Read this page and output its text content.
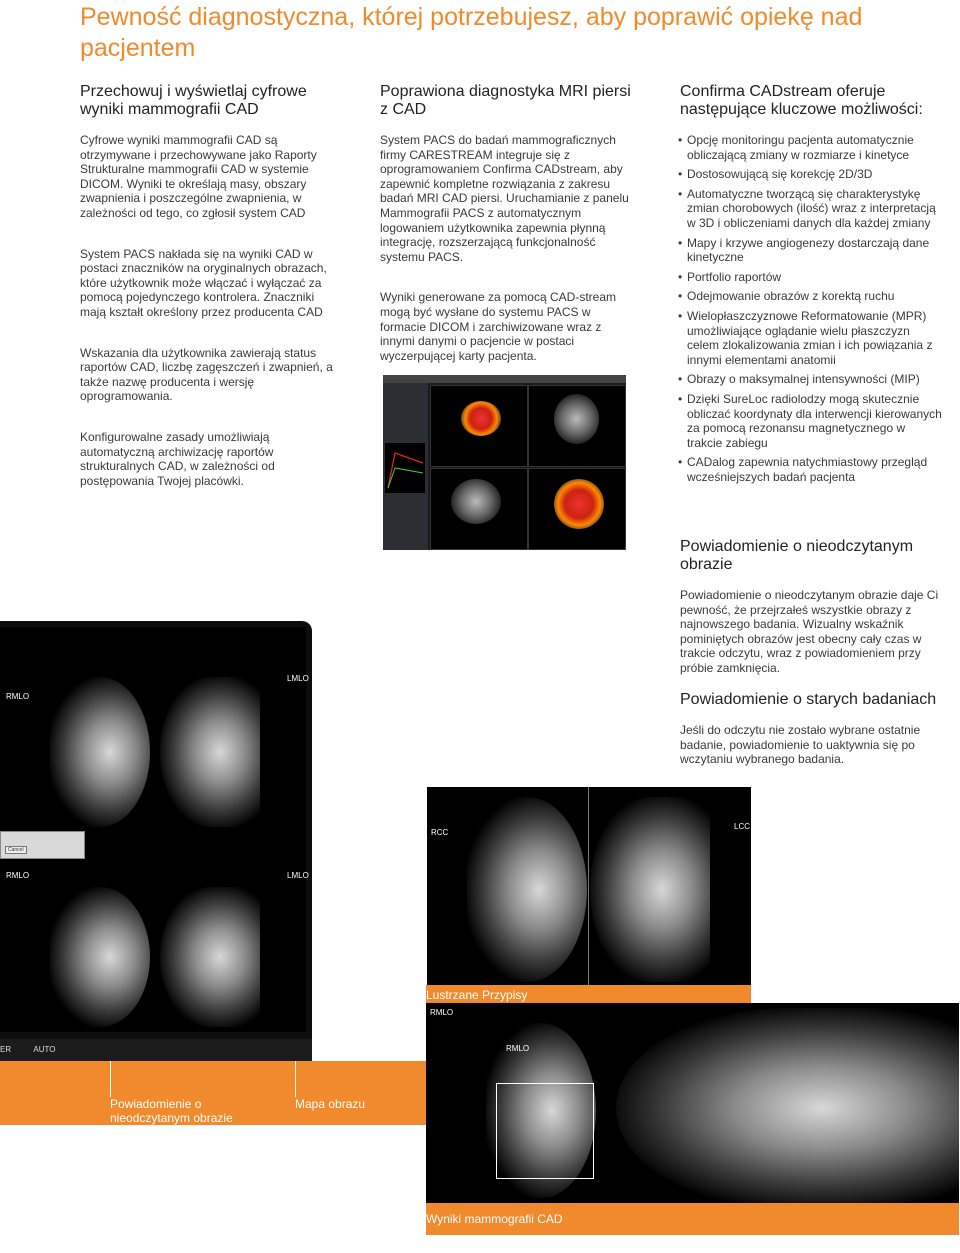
Pewność diagnostyczna, której potrzebujesz, aby poprawić opiekę nad pacjentem
Przechowuj i wyświetlaj cyfrowe wyniki mammografii CAD

Cyfrowe wyniki mammografii CAD są otrzymywane i przechowywane jako Raporty Strukturalne mammografii CAD w systemie DICOM. Wyniki te określają masy, obszary zwapnienia i poszczególne zwapnienia, w zależności od tego, co zgłosił system CAD

System PACS nakłada się na wyniki CAD w postaci znaczników na oryginalnych obrazach, które użytkownik może włączać i wyłączać za pomocą pojedynczego kontrolera. Znaczniki mają kształt określony przez producenta CAD

Wskazania dla użytkownika zawierają status raportów CAD, liczbę zagęszczeń i zwapnień, a także nazwę producenta i wersję oprogramowania.

Konfigurowalne zasady umożliwiają automatyczną archiwizację raportów strukturalnych CAD, w zależności od postępowania Twojej placówki.

Poprawiona diagnostyka MRI piersi z CAD

System PACS do badań mammograficznych firmy CARESTREAM integruje się z oprogramowaniem Confirma CADstream, aby zapewnić kompletne rozwiązania z zakresu badań MRI CAD piersi. Uruchamianie z panelu Mammografii PACS z automatycznym logowaniem użytkownika zapewnia płynną integrację, rozszerzającą funkcjonalność systemu PACS.

Wyniki generowane za pomocą CAD-stream mogą być wysłane do systemu PACS w formacie DICOM i zarchiwizowane wraz z innymi danymi o pacjencie w postaci wyczerpującej karty pacjenta.

Confirma CADstream oferuje następujące kluczowe możliwości:
• Opcję monitoringu pacjenta automatycznie obliczającą zmiany w rozmiarze i kinetyce
• Dostosowującą się korekcję 2D/3D
• Automatyczne tworzącą się charakterystykę zmian chorobowych (ilość) wraz z interpretacją w 3D i obliczeniami danych dla każdej zmiany
• Mapy i krzywe angiogenezy dostarczają dane kinetyczne
• Portfolio raportów
• Odejmowanie obrazów z korektą ruchu
• Wielopłaszczyznowe Reformatowanie (MPR) umożliwiające oglądanie wielu płaszczyzn celem zlokalizowania zmian i ich powiązania z innymi elementami anatomii
• Obrazy o maksymalnej intensywności (MIP)
• Dzięki SureLoc radiolodzy mogą skutecznie obliczać koordynaty dla interwencji kierowanych za pomocą rezonansu magnetycznego w trakcie zabiegu
• CADalog zapewnia natychmiastowy przegląd wcześniejszych badań pacjenta
Powiadomienie o nieodczytanym obrazie

Powiadomienie o nieodczytanym obrazie daje Ci pewność, że przejrzałeś wszystkie obrazy z najnowszego badania. Wizualny wskaźnik pominiętych obrazów jest obecny cały czas w trakcie odczytu, wraz z powiadomieniem przy próbie zamknięcia.

Powiadomienie o starych badaniach

Jeśli do odczytu nie zostało wybrane ostatnie badanie, powiadomienie to uaktywnia się po wczytaniu wybranego badania.

RMLO
LMLO
RMLO	LMLO
Cancel
ER	AUTO
RCC
LCC
Lustrzane Przypisy
RMLO
RMLO
Wyniki mammografii CAD
Powiadomienie o nieodczytanym obrazie
Mapa obrazu
